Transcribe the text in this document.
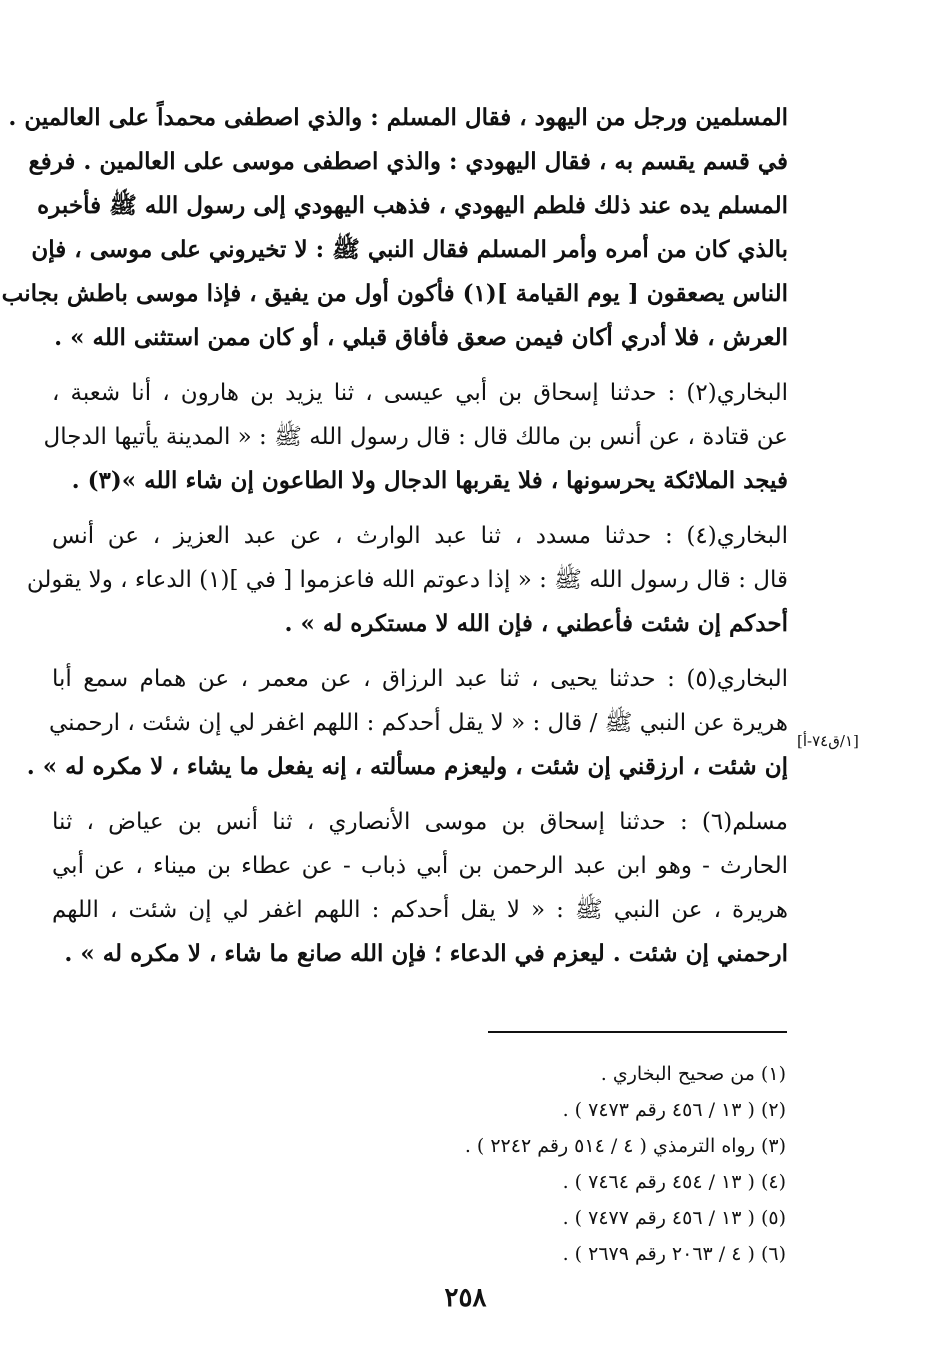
المسلمين ورجل من اليهود ، فقال المسلم : والذي اصطفى محمداً على العالمين .
في قسم يقسم به ، فقال اليهودي : والذي اصطفى موسى على العالمين . فرفع
المسلم يده عند ذلك فلطم اليهودي ، فذهب اليهودي إلى رسول الله ﷺ فأخبره
بالذي كان من أمره وأمر المسلم فقال النبي ﷺ : لا تخيروني على موسى ، فإن
الناس يصعقون [ يوم القيامة ](١) فأكون أول من يفيق ، فإذا موسى باطش بجانب
العرش ، فلا أدري أكان فيمن صعق فأفاق قبلي ، أو كان ممن استثنى الله » .
البخاري(٢) : حدثنا إسحاق بن أبي عيسى ، ثنا يزيد بن هارون ، أنا شعبة ،
عن قتادة ، عن أنس بن مالك قال : قال رسول الله ﷺ : « المدينة يأتيها الدجال
فيجد الملائكة يحرسونها ، فلا يقربها الدجال ولا الطاعون إن شاء الله »(٣) .
البخاري(٤) : حدثنا مسدد ، ثنا عبد الوارث ، عن عبد العزيز ، عن أنس
قال : قال رسول الله ﷺ : « إذا دعوتم الله فاعزموا [ في ](١) الدعاء ، ولا يقولن
أحدكم إن شئت فأعطني ، فإن الله لا مستكره له » .
البخاري(٥) : حدثنا يحيى ، ثنا عبد الرزاق ، عن معمر ، عن همام سمع أبا
هريرة عن النبي ﷺ / قال : « لا يقل أحدكم : اللهم اغفر لي إن شئت ، ارحمني
إن شئت ، ارزقني إن شئت ، وليعزم مسألته ، إنه يفعل ما يشاء ، لا مكره له » .
مسلم(٦) : حدثنا إسحاق بن موسى الأنصاري ، ثنا أنس بن عياض ، ثنا
الحارث - وهو ابن عبد الرحمن بن أبي ذباب - عن عطاء بن ميناء ، عن أبي
هريرة ، عن النبي ﷺ : « لا يقل أحدكم : اللهم اغفر لي إن شئت ، اللهم
ارحمني إن شئت . ليعزم في الدعاء ؛ فإن الله صانع ما شاء ، لا مكره له » .
[١/ق٧٤-أ]
(١) من صحيح البخاري .
(٢) ( ١٣ / ٤٥٦ رقم ٧٤٧٣ ) .
(٣) رواه الترمذي ( ٤ / ٥١٤ رقم ٢٢٤٢ ) .
(٤) ( ١٣ / ٤٥٤ رقم ٧٤٦٤ ) .
(٥) ( ١٣ / ٤٥٦ رقم ٧٤٧٧ ) .
(٦) ( ٤ / ٢٠٦٣ رقم ٢٦٧٩ ) .
٢٥٨
